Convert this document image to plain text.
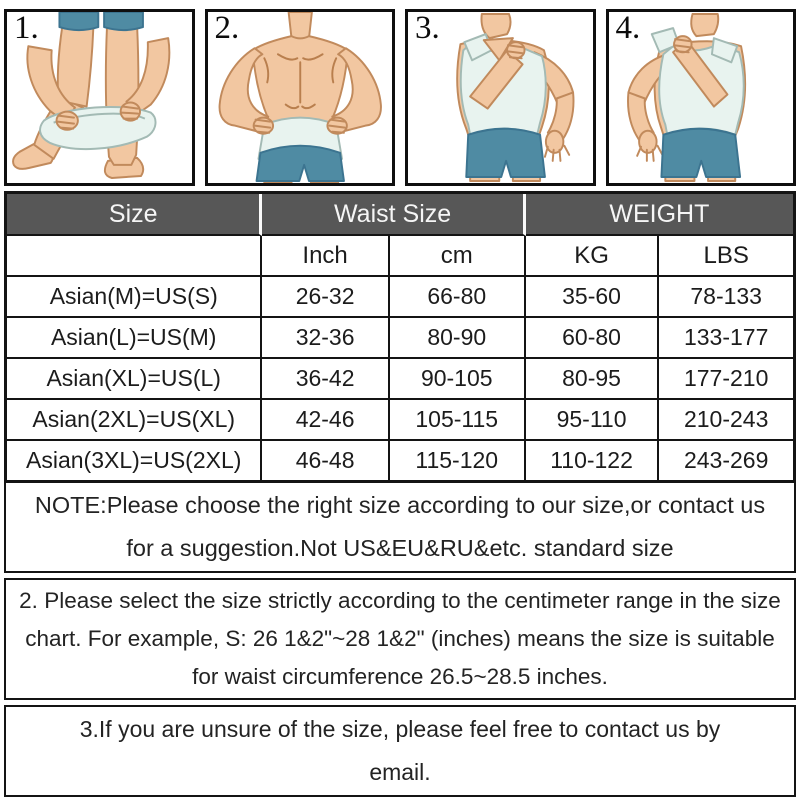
1.	2.	3.	4.
Size	Waist Size		WEIGHT	
	Inch	cm	KG	LBS
Asian(M)=US(S)	26-32	66-80	35-60	78-133
Asian(L)=US(M)	32-36	80-90	60-80	133-177
Asian(XL)=US(L)	36-42	90-105	80-95	177-210
Asian(2XL)=US(XL)	42-46	105-115	95-110	210-243
Asian(3XL)=US(2XL)	46-48	115-120	110-122	243-269
NOTE:Please choose the right size according to our size,or contact us for a suggestion.Not US&EU&RU&etc. standard size
2. Please select the size strictly according to the centimeter range in the size chart. For example, S: 26 1&2"~28 1&2" (inches) means the size is suitable for waist circumference 26.5~28.5 inches.
3.If you are unsure of the size, please feel free to contact us by email.
